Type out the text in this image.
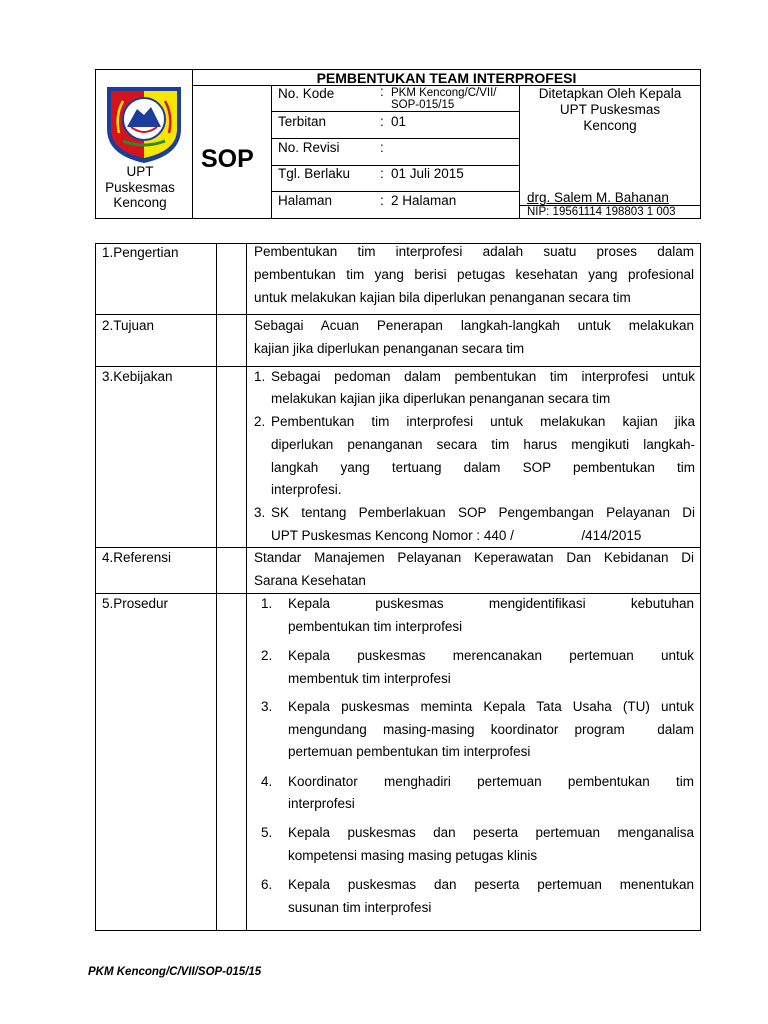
UPT
Puskesmas
Kencong
SOP
PEMBENTUKAN TEAM INTERPROFESI
No. Kode	: PKM Kencong/C/VII/
SOP-015/15
Terbitan	: 01
No. Revisi	:
Tgl. Berlaku : 01 Juli 2015
Halaman	: 2 Halaman
Ditetapkan Oleh Kepala
UPT Puskesmas
Kencong
drg. Salem M. Bahanan
NIP: 19561114 198803 1 003
1.Pengertian	Pembentukan tim interprofesi adalah suatu proses dalam
pembentukan tim yang berisi petugas kesehatan yang profesional
untuk melakukan kajian bila diperlukan penanganan secara tim
2.Tujuan	Sebagai Acuan Penerapan langkah-langkah untuk melakukan
kajian jika diperlukan penanganan secara tim
3.Kebijakan	1. Sebagai pedoman dalam pembentukan tim interprofesi untuk
melakukan kajian jika diperlukan penanganan secara tim
2. Pembentukan tim interprofesi untuk melakukan kajian jika
diperlukan penanganan secara tim harus mengikuti langkah-
langkah yang tertuang dalam SOP pembentukan tim
interprofesi.
3. SK tentang Pemberlakuan SOP Pengembangan Pelayanan Di
UPT Puskesmas Kencong Nomor : 440 /                  /414/2015
4.Referensi	Standar Manajemen Pelayanan Keperawatan Dan Kebidanan Di
Sarana Kesehatan
5.Prosedur	1. Kepala puskesmas mengidentifikasi kebutuhan
pembentukan tim interprofesi
2. Kepala puskesmas merencanakan pertemuan untuk
membentuk tim interprofesi
3. Kepala puskesmas meminta Kepala Tata Usaha (TU) untuk
mengundang masing-masing koordinator program  dalam
pertemuan pembentukan tim interprofesi
4. Koordinator menghadiri pertemuan pembentukan tim
interprofesi
5. Kepala puskesmas dan peserta pertemuan menganalisa
kompetensi masing masing petugas klinis
6. Kepala puskesmas dan peserta pertemuan menentukan
susunan tim interprofesi
PKM Kencong/C/VII/SOP-015/15
